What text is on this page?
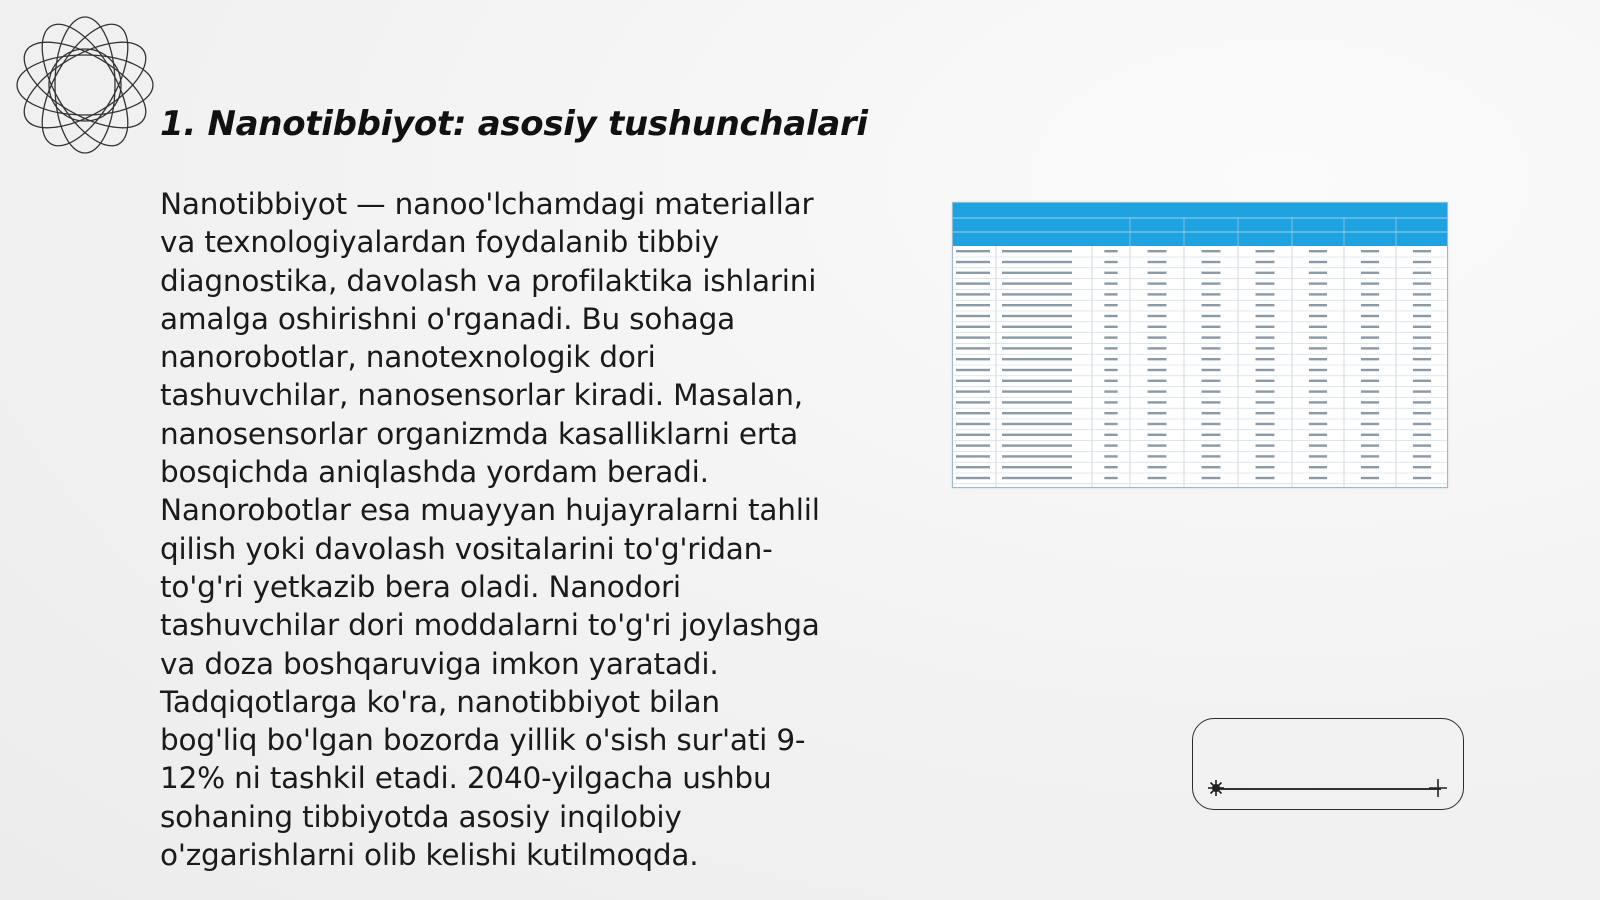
1. Nanotibbiyot: asosiy tushunchalari
Nanotibbiyot — nanoo'lchamdagi materiallar
va texnologiyalardan foydalanib tibbiy
diagnostika, davolash va profilaktika ishlarini
amalga oshirishni o'rganadi. Bu sohaga
nanorobotlar, nanotexnologik dori
tashuvchilar, nanosensorlar kiradi. Masalan,
nanosensorlar organizmda kasalliklarni erta
bosqichda aniqlashda yordam beradi.
Nanorobotlar esa muayyan hujayralarni tahlil
qilish yoki davolash vositalarini to'g'ridan-
to'g'ri yetkazib bera oladi. Nanodori
tashuvchilar dori moddalarni to'g'ri joylashga
va doza boshqaruviga imkon yaratadi.
Tadqiqotlarga ko'ra, nanotibbiyot bilan
bog'liq bo'lgan bozorda yillik o'sish sur'ati 9-
12% ni tashkil etadi. 2040-yilgacha ushbu
sohaning tibbiyotda asosiy inqilobiy
o'zgarishlarni olib kelishi kutilmoqda.
